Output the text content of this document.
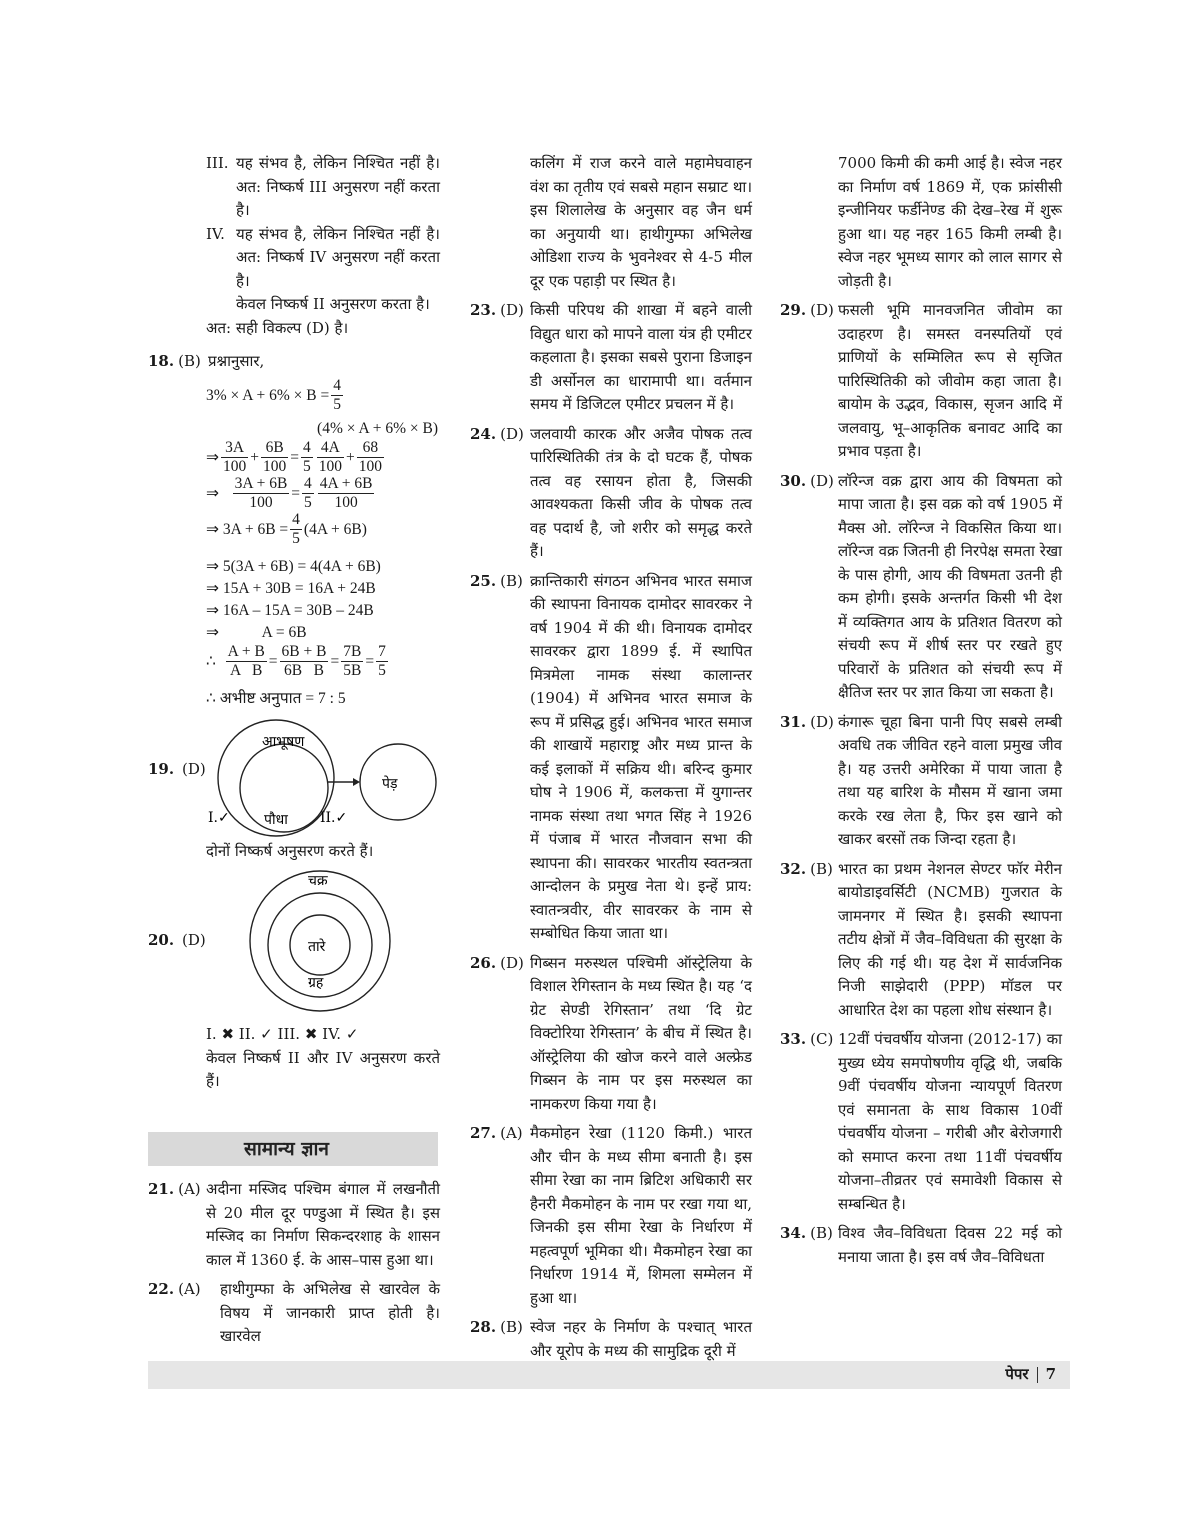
III. यह संभव है, लेकिन निश्चित नहीं है। अत: निष्कर्ष III अनुसरण नहीं करता है।

IV. यह संभव है, लेकिन निश्चित नहीं है। अत: निष्कर्ष IV अनुसरण नहीं करता है।

केवल निष्कर्ष II अनुसरण करता है।

अत: सही विकल्प (D) है।

18. (B) प्रश्नानुसार,

$3\% \times A + 6\% \times B = \frac{4}{5}$
(4% × A + 6% × B)
⇒ $\frac{3A}{100} + \frac{6B}{100} = \frac{4}{5} \frac{4A}{100} + \frac{68}{100}$
⇒ $\frac{3A + 6B}{100} = \frac{4}{5} \frac{4A + 6B}{100}$
⇒ $3A + 6B = \frac{4}{5} (4A + 6B)$
⇒ 5(3A + 6B) = 4(4A + 6B)
⇒ 15A + 30B = 16A + 24B
⇒ 16A – 15A = 30B – 24B
⇒           A = 6B
∴ $\frac{A + B}{\text{A   B}} = \frac{6B + B}{\text{6B   B}} = \frac{7B}{5B} = \frac{7}{5}$
∴ अभीष्ट अनुपात = 7 : 5
19. (D)
आभूषण
पौधा
पेड़
I.✓	II.✓

दोनों निष्कर्ष अनुसरण करते हैं।

20. (D)
चक्र
ग्रह
तारे

I. ✖ II. ✓ III. ✖ IV. ✓

केवल निष्कर्ष II और IV अनुसरण करते हैं।

सामान्य ज्ञान
21. (A) अदीना मस्जिद पश्चिम बंगाल में लखनौती से 20 मील दूर पण्डुआ में स्थित है। इस मस्जिद का निर्माण सिकन्दरशाह के शासन काल में 1360 ई. के आस–पास हुआ था।

22. (A)	हाथीगुम्फा के अभिलेख से खारवेल के विषय में जानकारी प्राप्त होती है। खारवेल

कलिंग में राज करने वाले महामेघवाहन वंश का तृतीय एवं सबसे महान सम्राट था। इस शिलालेख के अनुसार वह जैन धर्म का अनुयायी था। हाथीगुम्फा अभिलेख ओडिशा राज्य के भुवनेश्वर से 4-5 मील दूर एक पहाड़ी पर स्थित है।

23. (D) किसी परिपथ की शाखा में बहने वाली विद्युत धारा को मापने वाला यंत्र ही एमीटर कहलाता है। इसका सबसे पुराना डिजाइन डी अर्सोनल का धारामापी था। वर्तमान समय में डिजिटल एमीटर प्रचलन में है।

24. (D) जलवायी कारक और अजैव पोषक तत्व पारिस्थितिकी तंत्र के दो घटक हैं, पोषक तत्व वह रसायन होता है, जिसकी आवश्यकता किसी जीव के पोषक तत्व वह पदार्थ है, जो शरीर को समृद्ध करते हैं।

25. (B) क्रान्तिकारी संगठन अभिनव भारत समाज की स्थापना विनायक दामोदर सावरकर ने वर्ष 1904 में की थी। विनायक दामोदर सावरकर द्वारा 1899 ई. में स्थापित मित्रमेला नामक संस्था कालान्तर (1904) में अभिनव भारत समाज के रूप में प्रसिद्ध हुई। अभिनव भारत समाज की शाखायें महाराष्ट्र और मध्य प्रान्त के कई इलाकों में सक्रिय थी। बरिन्द कुमार घोष ने 1906 में, कलकत्ता में युगान्तर नामक संस्था तथा भगत सिंह ने 1926 में पंजाब में भारत नौजवान सभा की स्थापना की। सावरकर भारतीय स्वतन्त्रता आन्दोलन के प्रमुख नेता थे। इन्हें प्राय: स्वातन्त्रवीर, वीर सावरकर के नाम से सम्बोधित किया जाता था।

26. (D) गिब्सन मरुस्थल पश्चिमी ऑस्ट्रेलिया के विशाल रेगिस्तान के मध्य स्थित है। यह ‘द ग्रेट सेण्डी रेगिस्तान’ तथा ‘दि ग्रेट विक्टोरिया रेगिस्तान’ के बीच में स्थित है। ऑस्ट्रेलिया की खोज करने वाले अल्फ्रेड गिब्सन के नाम पर इस मरुस्थल का नामकरण किया गया है।

27. (A) मैकमोहन रेखा (1120 किमी.) भारत और चीन के मध्य सीमा बनाती है। इस सीमा रेखा का नाम ब्रिटिश अधिकारी सर हैनरी मैकमोहन के नाम पर रखा गया था, जिनकी इस सीमा रेखा के निर्धारण में महत्वपूर्ण भूमिका थी। मैकमोहन रेखा का निर्धारण 1914 में, शिमला सम्मेलन में हुआ था।

28. (B) स्वेज नहर के निर्माण के पश्चात् भारत और यूरोप के मध्य की सामुद्रिक दूरी में

7000 किमी की कमी आई है। स्वेज नहर का निर्माण वर्ष 1869 में, एक फ्रांसीसी इन्जीनियर फर्डीनेण्ड की देख–रेख में शुरू हुआ था। यह नहर 165 किमी लम्बी है। स्वेज नहर भूमध्य सागर को लाल सागर से जोड़ती है।

29. (D) फसली भूमि मानवजनित जीवोम का उदाहरण है। समस्त वनस्पतियों एवं प्राणियों के सम्मिलित रूप से सृजित पारिस्थितिकी को जीवोम कहा जाता है। बायोम के उद्भव, विकास, सृजन आदि में जलवायु, भू–आकृतिक बनावट आदि का प्रभाव पड़ता है।

30. (D) लॉरेन्ज वक्र द्वारा आय की विषमता को मापा जाता है। इस वक्र को वर्ष 1905 में मैक्स ओ. लॉरेन्ज ने विकसित किया था। लॉरेन्ज वक्र जितनी ही निरपेक्ष समता रेखा के पास होगी, आय की विषमता उतनी ही कम होगी। इसके अन्तर्गत किसी भी देश में व्यक्तिगत आय के प्रतिशत वितरण को संचयी रूप में शीर्ष स्तर पर रखते हुए परिवारों के प्रतिशत को संचयी रूप में क्षैतिज स्तर पर ज्ञात किया जा सकता है।

31. (D) कंगारू चूहा बिना पानी पिए सबसे लम्बी अवधि तक जीवित रहने वाला प्रमुख जीव है। यह उत्तरी अमेरिका में पाया जाता है तथा यह बारिश के मौसम में खाना जमा करके रख लेता है, फिर इस खाने को खाकर बरसों तक जिन्दा रहता है।

32. (B) भारत का प्रथम नेशनल सेण्टर फॉर मेरीन बायोडाइवर्सिटी (NCMB) गुजरात के जामनगर में स्थित है। इसकी स्थापना तटीय क्षेत्रों में जैव–विविधता की सुरक्षा के लिए की गई थी। यह देश में सार्वजनिक निजी साझेदारी (PPP) मॉडल पर आधारित देश का पहला शोध संस्थान है।

33. (C) 12वीं पंचवर्षीय योजना (2012-17) का मुख्य ध्येय समपोषणीय वृद्धि थी, जबकि 9वीं पंचवर्षीय योजना न्यायपूर्ण वितरण एवं समानता के साथ विकास 10वीं पंचवर्षीय योजना – गरीबी और बेरोजगारी को समाप्त करना तथा 11वीं पंचवर्षीय योजना–तीव्रतर एवं समावेशी विकास से सम्बन्धित है।

34. (B) विश्व जैव–विविधता दिवस 22 मई को मनाया जाता है। इस वर्ष जैव–विविधता

पेपर 7
